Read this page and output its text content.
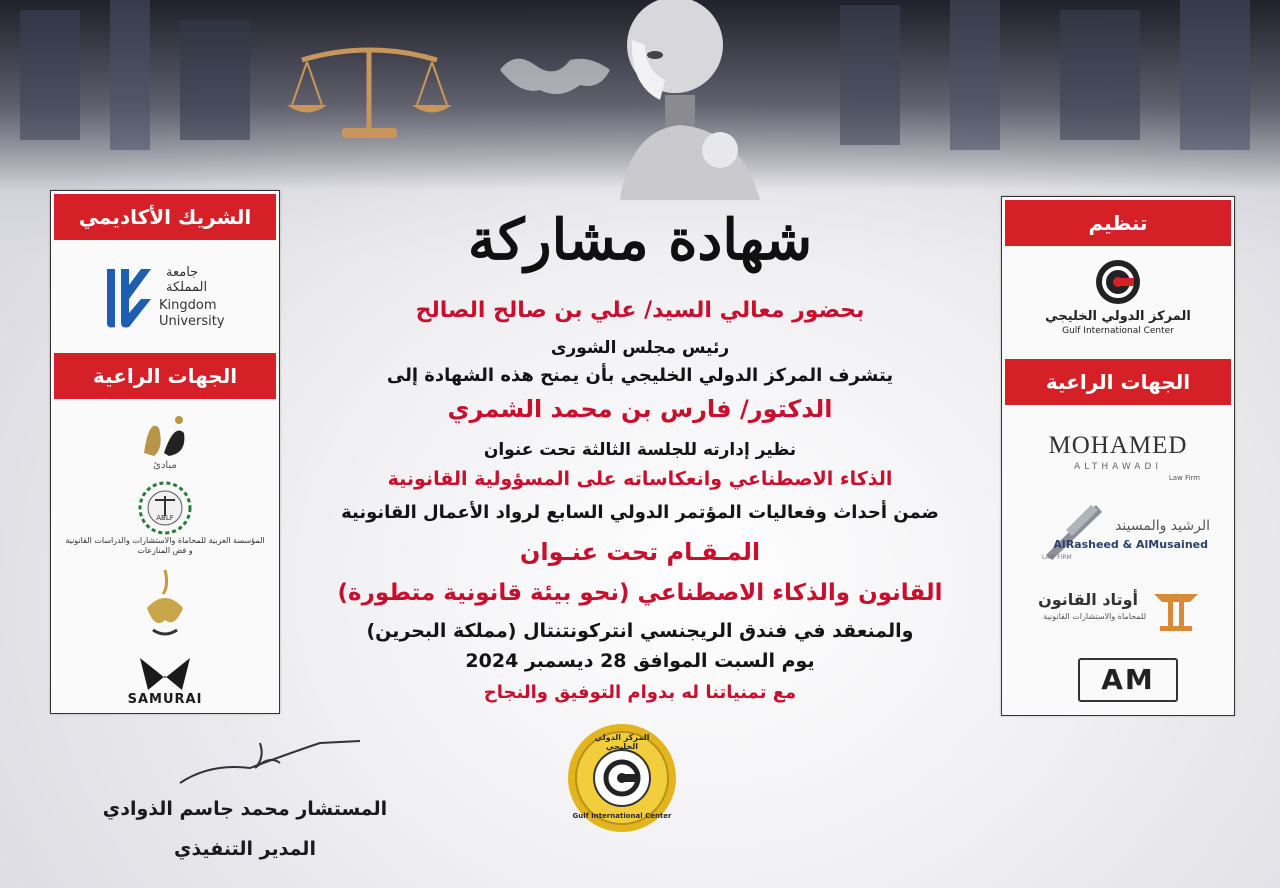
شهادة مشاركة
الشريك الأكاديمي
جامعة
المملكة
Kingdom
University
الجهات الراعية
مبادئ
ABLF
المؤسسة العربية للمحاماة والاستشارات والدراسات القانونية و فض المنازعات
SAMURAI
تنظيم
المركز الدولي الخليجي
Gulf International Center
الجهات الراعية
MOHAMED
ALTHAWADI
Law Firm
الرشيد والمسيند
AlRasheed & AlMusained
LAW FIRM
أوتاد القانون
للمحاماة والاستشارات القانونية
AM
بحضور معالي السيد/ علي بن صالح الصالح
رئيس مجلس الشورى
يتشرف المركز الدولي الخليجي بأن يمنح هذه الشهادة إلى
الدكتور/ فارس بن محمد الشمري
نظير إدارته للجلسة الثالثة تحت عنوان
الذكاء الاصطناعي وانعكاساته على المسؤولية القانونية
ضمن أحداث وفعاليات المؤتمر الدولي السابع لرواد الأعمال القانونية
المـقـام تحت عنـوان
القانون والذكاء الاصطناعي (نحو بيئة قانونية متطورة)
والمنعقد في فندق الريجنسي انتركونتنتال (مملكة البحرين)
يوم السبت الموافق 28 ديسمبر 2024
مع تمنياتنا له بدوام التوفيق والنجاح
المركز الدولي الخليجي
Gulf International Center
المستشار محمد جاسم الذوادي
المدير التنفيذي
